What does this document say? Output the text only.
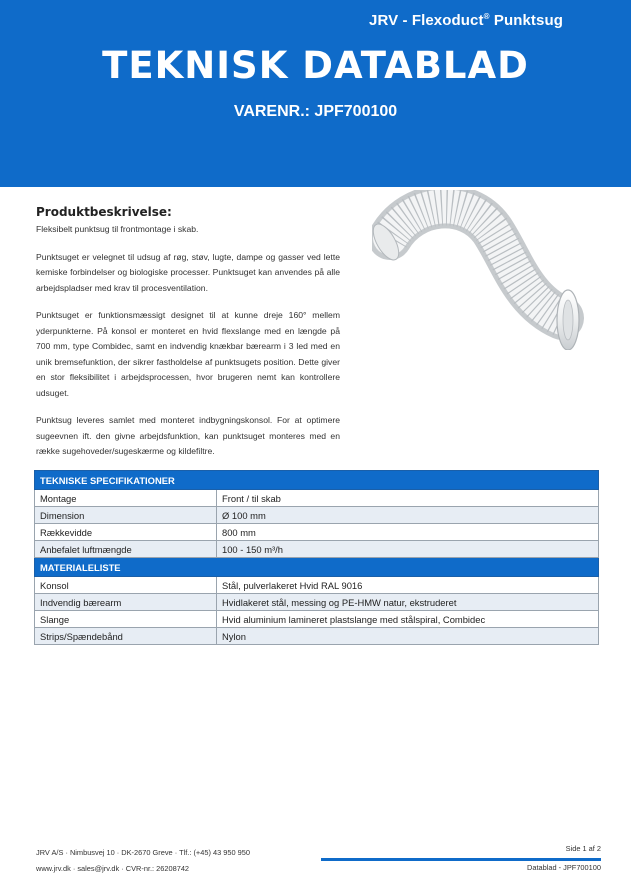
JRV - Flexoduct® Punktsug
TEKNISK DATABLAD
VARENR.: JPF700100
Produktbeskrivelse:

Fleksibelt punktsug til frontmontage i skab.

Punktsuget er velegnet til udsug af røg, støv, lugte, dampe og gasser ved lette kemiske forbindelser og biologiske processer. Punktsuget kan anvendes på alle arbejdspladser med krav til procesventilation.

Punktsuget er funktionsmæssigt designet til at kunne dreje 160° mellem yderpunkterne. På konsol er monteret en hvid flexslange med en længde på 700 mm, type Combidec, samt en indvendig knækbar bærearm i 3 led med en unik bremsefunktion, der sikrer fastholdelse af punktsugets position. Dette giver en stor fleksibilitet i arbejdsprocessen, hvor brugeren nemt kan kontrollere udsuget.

Punktsug leveres samlet med monteret indbygningskonsol. For at optimere sugeevnen ift. den givne arbejdsfunktion, kan punktsuget monteres med en række sugehoveder/sugeskærme og kildefiltre.

TEKNISKE SPECIFIKATIONER	
Montage	Front / til skab
Dimension	Ø 100 mm
Rækkevidde	800 mm
Anbefalet luftmængde	100 - 150 m³/h
MATERIALELISTE	
Konsol	Stål, pulverlakeret Hvid RAL 9016
Indvendig bærearm	Hvidlakeret stål, messing og PE-HMW natur, ekstruderet
Slange	Hvid aluminium lamineret plastslange med stålspiral, Combidec
Strips/Spændebånd	Nylon
JRV A/S · Nimbusvej 10 · DK-2670 Greve · Tlf.: (+45) 43 950 950
www.jrv.dk · sales@jrv.dk · CVR-nr.: 26208742
Side 1 af 2
Datablad - JPF700100
